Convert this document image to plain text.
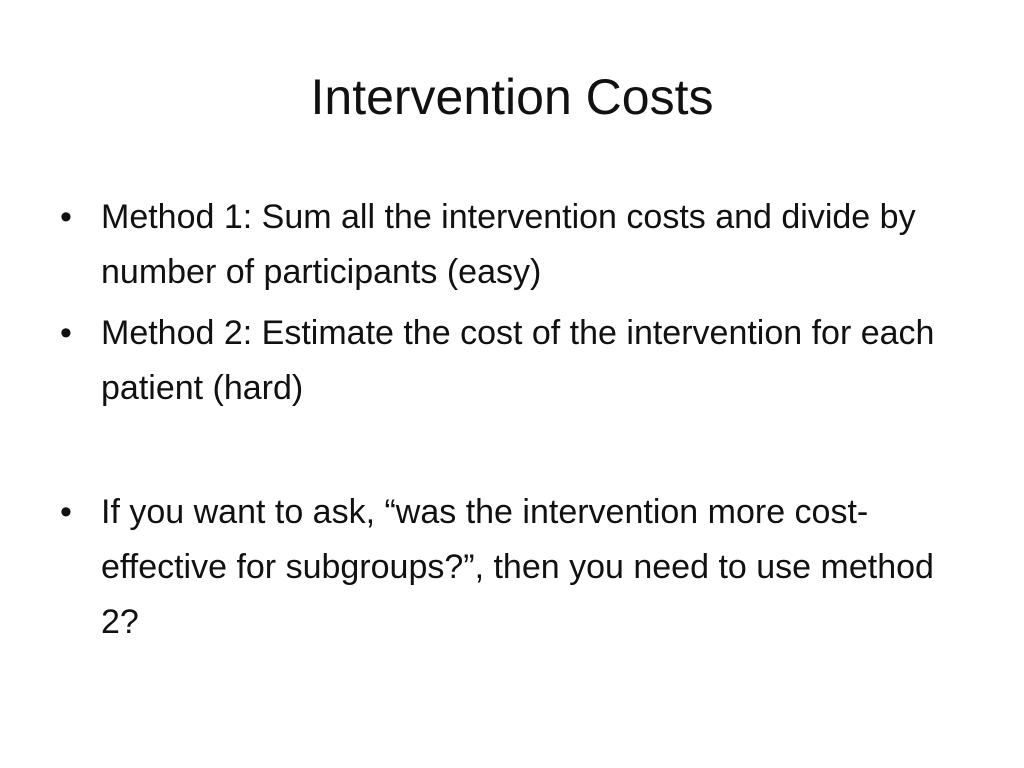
Intervention Costs
• Method 1: Sum all the intervention costs and divide by number of participants (easy)
• Method 2: Estimate the cost of the intervention for each patient (hard)
• If you want to ask, “was the intervention more cost-effective for subgroups?”, then you need to use method 2?
